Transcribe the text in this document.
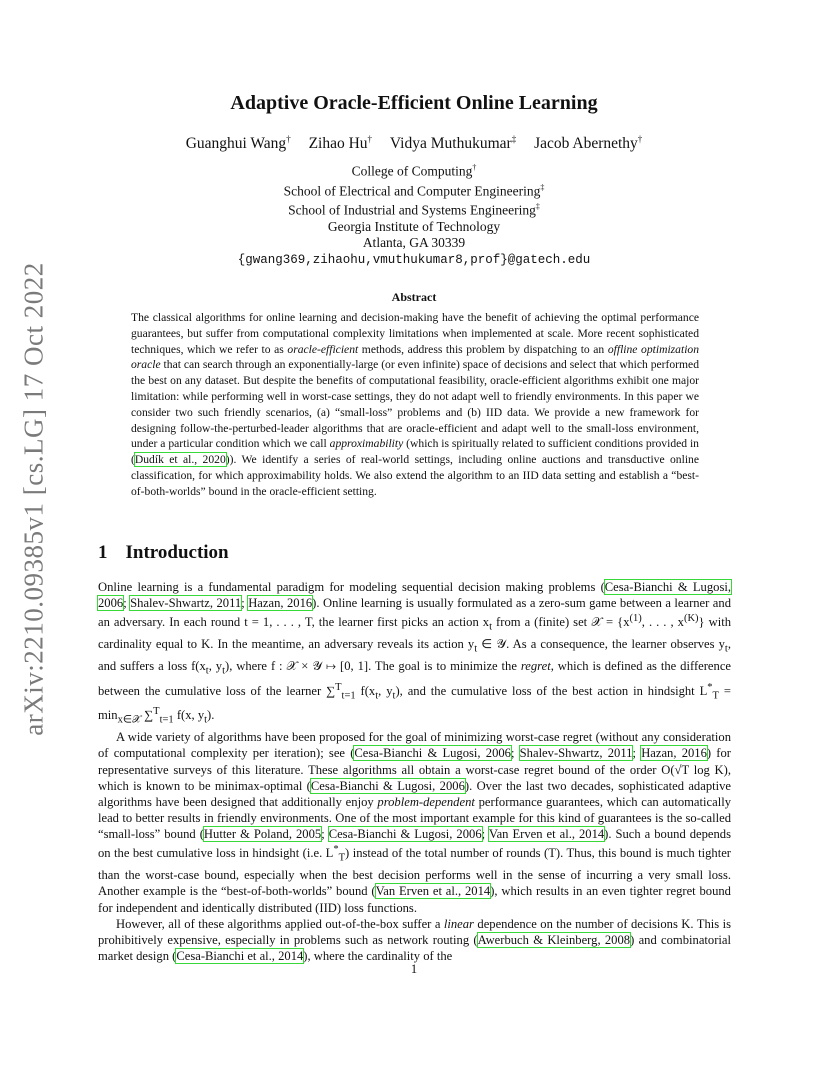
arXiv:2210.09385v1 [cs.LG] 17 Oct 2022
Adaptive Oracle-Efficient Online Learning
Guanghui Wang† Zihao Hu† Vidya Muthukumar‡ Jacob Abernethy†
College of Computing†
School of Electrical and Computer Engineering‡
School of Industrial and Systems Engineering‡
Georgia Institute of Technology
Atlanta, GA 30339
{gwang369,zihaohu,vmuthukumar8,prof}@gatech.edu
Abstract

The classical algorithms for online learning and decision-making have the benefit of achieving the optimal performance guarantees, but suffer from computational complexity limitations when implemented at scale. More recent sophisticated techniques, which we refer to as oracle-efficient methods, address this problem by dispatching to an offline optimization oracle that can search through an exponentially-large (or even infinite) space of decisions and select that which performed the best on any dataset. But despite the benefits of computational feasibility, oracle-efficient algorithms exhibit one major limitation: while performing well in worst-case settings, they do not adapt well to friendly environments. In this paper we consider two such friendly scenarios, (a) “small-loss” problems and (b) IID data. We provide a new framework for designing follow-the-perturbed-leader algorithms that are oracle-efficient and adapt well to the small-loss environment, under a particular condition which we call approximability (which is spiritually related to sufficient conditions provided in (Dudík et al., 2020)). We identify a series of real-world settings, including online auctions and transductive online classification, for which approximability holds. We also extend the algorithm to an IID data setting and establish a “best-of-both-worlds” bound in the oracle-efficient setting.

1 Introduction

Online learning is a fundamental paradigm for modeling sequential decision making problems (Cesa-Bianchi & Lugosi, 2006; Shalev-Shwartz, 2011; Hazan, 2016). Online learning is usually formulated as a zero-sum game between a learner and an adversary. In each round t = 1, . . . , T, the learner first picks an action $x_t$ from a (finite) set 𝒳 = {$x^{(1)}$, . . . , $x^{(K)}$} with cardinality equal to K. In the meantime, an adversary reveals its action $y_t$ ∈ 𝒴. As a consequence, the learner observes $y_t$, and suffers a loss $f(x_t$, $y_t$), where f : 𝒳 × 𝒴 ↦ [0, 1]. The goal is to minimize the regret, which is defined as the difference between the cumulative loss of the learner ∑$^T_{t=1}$ $f(x_t$, $y_t$), and the cumulative loss of the best action in hindsight $L^*_T = \min_{x\in 𝒳} \sum^T_{t=1}$ f(x, $y_t$).

A wide variety of algorithms have been proposed for the goal of minimizing worst-case regret (without any consideration of computational complexity per iteration); see (Cesa-Bianchi & Lugosi, 2006; Shalev-Shwartz, 2011; Hazan, 2016) for representative surveys of this literature. These algorithms all obtain a worst-case regret bound of the order O(√T log K), which is known to be minimax-optimal (Cesa-Bianchi & Lugosi, 2006). Over the last two decades, sophisticated adaptive algorithms have been designed that additionally enjoy problem-dependent performance guarantees, which can automatically lead to better results in friendly environments. One of the most important example for this kind of guarantees is the so-called “small-loss” bound (Hutter & Poland, 2005; Cesa-Bianchi & Lugosi, 2006; Van Erven et al., 2014). Such a bound depends on the best cumulative loss in hindsight (i.e. $L^*_T$) instead of the total number of rounds (T). Thus, this bound is much tighter than the worst-case bound, especially when the best decision performs well in the sense of incurring a very small loss. Another example is the “best-of-both-worlds” bound (Van Erven et al., 2014), which results in an even tighter regret bound for independent and identically distributed (IID) loss functions.

However, all of these algorithms applied out-of-the-box suffer a linear dependence on the number of decisions K. This is prohibitively expensive, especially in problems such as network routing (Awerbuch & Kleinberg, 2008) and combinatorial market design (Cesa-Bianchi et al., 2014), where the cardinality of the

1
